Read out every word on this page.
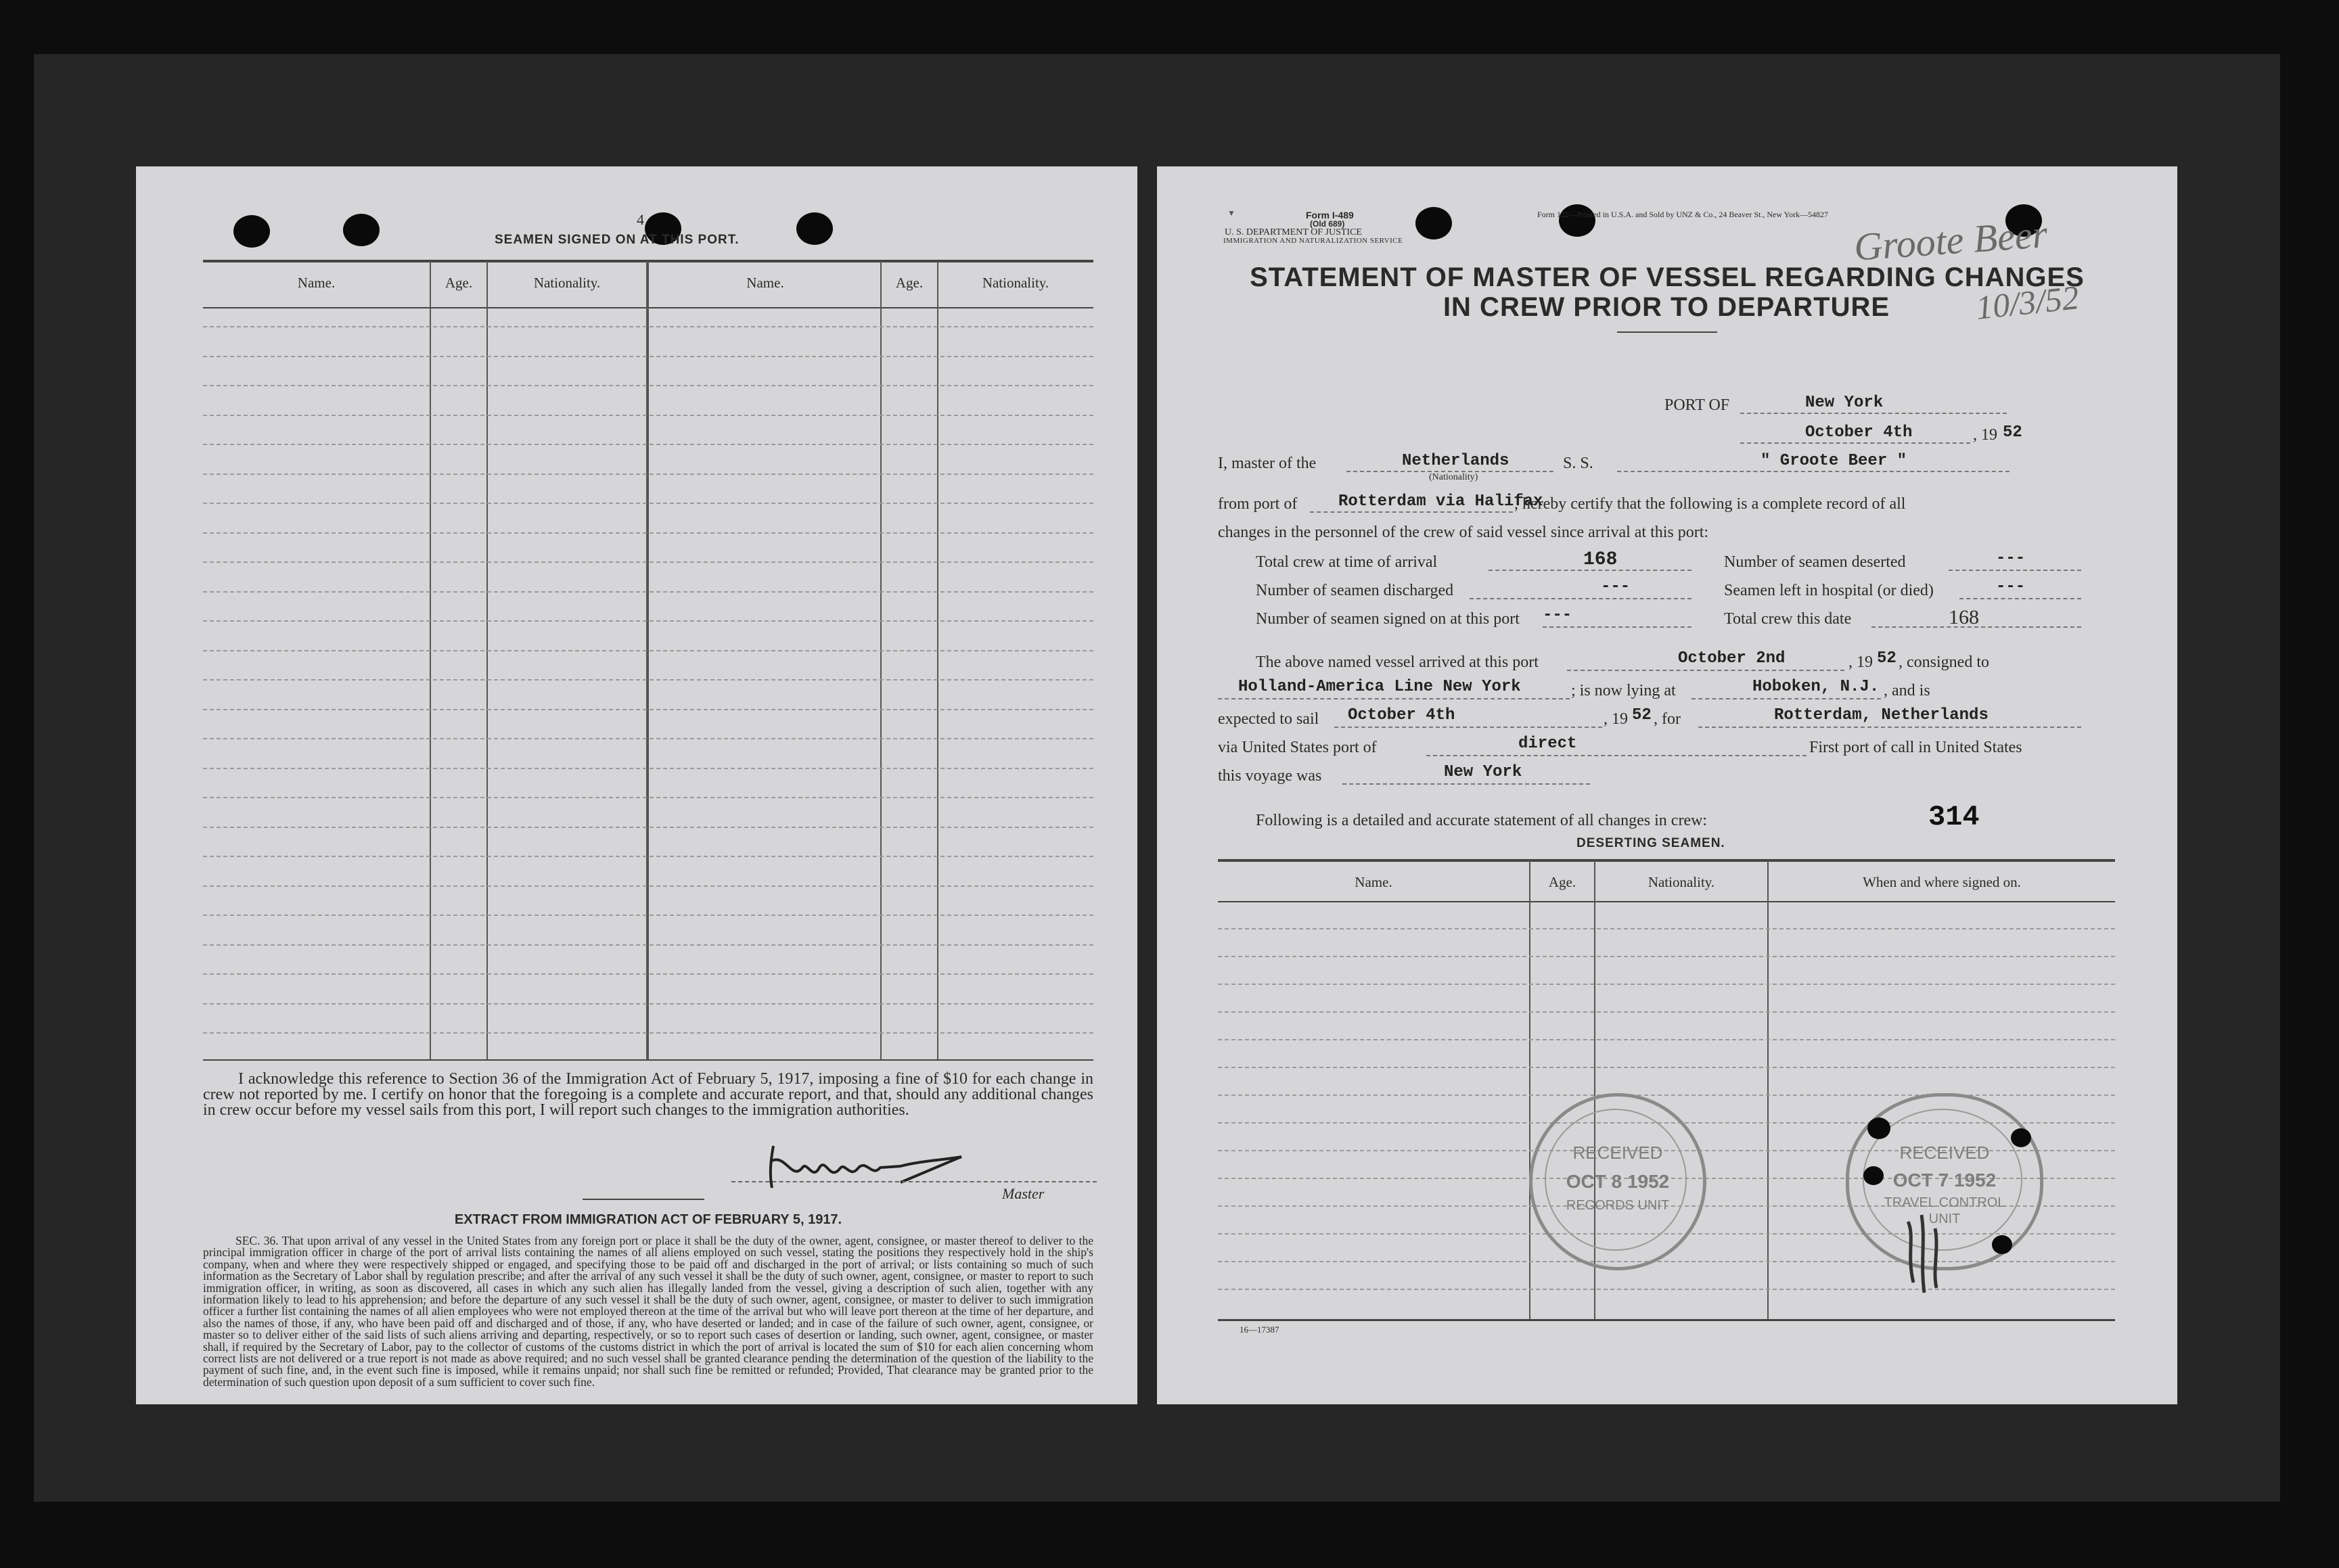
4
SEAMEN SIGNED ON AT THIS PORT.
Name.	Age.	Nationality.	Name.	Age.	Nationality.
I acknowledge this reference to Section 36 of the Immigration Act of February 5, 1917, imposing a fine of $10 for each change in crew not reported by me. I certify on honor that the foregoing is a complete and accurate report, and that, should any additional changes in crew occur before my vessel sails from this port, I will report such changes to the immigration authorities.
Master
EXTRACT FROM IMMIGRATION ACT OF FEBRUARY 5, 1917.
SEC. 36. That upon arrival of any vessel in the United States from any foreign port or place it shall be the duty of the owner, agent, consignee, or master thereof to deliver to the principal immigration officer in charge of the port of arrival lists containing the names of all aliens employed on such vessel, stating the positions they respectively hold in the ship's company, when and where they were respectively shipped or engaged, and specifying those to be paid off and discharged in the port of arrival; or lists containing so much of such information as the Secretary of Labor shall by regulation prescribe; and after the arrival of any such vessel it shall be the duty of such owner, agent, consignee, or master to report to such immigration officer, in writing, as soon as discovered, all cases in which any such alien has illegally landed from the vessel, giving a description of such alien, together with any information likely to lead to his apprehension; and before the departure of any such vessel it shall be the duty of such owner, agent, consignee, or master to deliver to such immigration officer a further list containing the names of all alien employees who were not employed thereon at the time of the arrival but who will leave port thereon at the time of her departure, and also the names of those, if any, who have been paid off and discharged and of those, if any, who have deserted or landed; and in case of the failure of such owner, agent, consignee, or master so to deliver either of the said lists of such aliens arriving and departing, respectively, or so to report such cases of desertion or landing, such owner, agent, consignee, or master shall, if required by the Secretary of Labor, pay to the collector of customs of the customs district in which the port of arrival is located the sum of $10 for each alien concerning whom correct lists are not delivered or a true report is not made as above required; and no such vessel shall be granted clearance pending the determination of the question of the liability to the payment of such fine, and, in the event such fine is imposed, while it remains unpaid; nor shall such fine be remitted or refunded; Provided, That clearance may be granted prior to the determination of such question upon deposit of a sum sufficient to cover such fine.
▼	Form I-489
(Old 689)
U. S. DEPARTMENT OF JUSTICE
IMMIGRATION AND NATURALIZATION SERVICE
Form 122—Printed in U.S.A. and Sold by UNZ & Co., 24 Beaver St., New York—54827 Groote Beer
10/3/52
STATEMENT OF MASTER OF VESSEL REGARDING CHANGES
IN CREW PRIOR TO DEPARTURE
PORT OF	New York
October 4th	, 19 52
I, master of the	Netherlands
(Nationality)
S. S.	" Groote Beer "
from port of	Rotterdam via Halifax
, hereby certify that the following is a complete record of all
changes in the personnel of the crew of said vessel since arrival at this port:
Total crew at time of arrival	168	Number of seamen deserted	---
Number of seamen discharged	---	Seamen left in hospital (or died)	---
Number of seamen signed on at this port ---	Total crew this date	168
The above named vessel arrived at this port	October 2nd	, 19 52 , consigned to
Holland-America Line New York	; is now lying at	Hoboken, N.J. , and is
expected to sail October 4th	, 19 52 , for	Rotterdam, Netherlands
via United States port of	direct	First port of call in United States
this voyage was	New York
Following is a detailed and accurate statement of all changes in crew:	314
DESERTING SEAMEN.
Name.	Age.	Nationality.	When and where signed on.
RECEIVED
OCT 8 1952
RECORDS UNIT
RECEIVED
OCT 7 1952
TRAVEL CONTROL
UNIT
16—17387
